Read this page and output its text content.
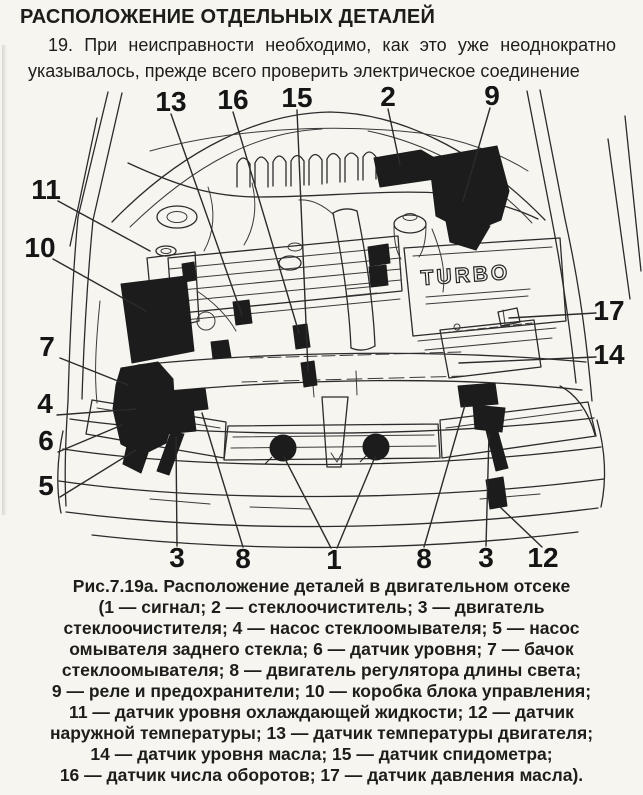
РАСПОЛОЖЕНИЕ ОТДЕЛЬНЫХ ДЕТАЛЕЙ

19. При неисправности необходимо, как это уже неоднократно указывалось, прежде всего проверить электрическое соединение

TURBO
13 16 15 2	9
11
10
7
4
6
5
17
14
3 8	1	8 3 12
Рис.7.19а. Расположение деталей в двигательном отсеке
(1 — сигнал; 2 — стеклоочиститель; 3 — двигатель
стеклоочистителя; 4 — насос стеклоомывателя; 5 — насос
омывателя заднего стекла; 6 — датчик уровня; 7 — бачок
стеклоомывателя; 8 — двигатель регулятора длины света;
9 — реле и предохранители; 10 — коробка блока управления;
11 — датчик уровня охлаждающей жидкости; 12 — датчик
наружной температуры; 13 — датчик температуры двигателя;
14 — датчик уровня масла; 15 — датчик спидометра;
16 — датчик числа оборотов; 17 — датчик давления масла).
